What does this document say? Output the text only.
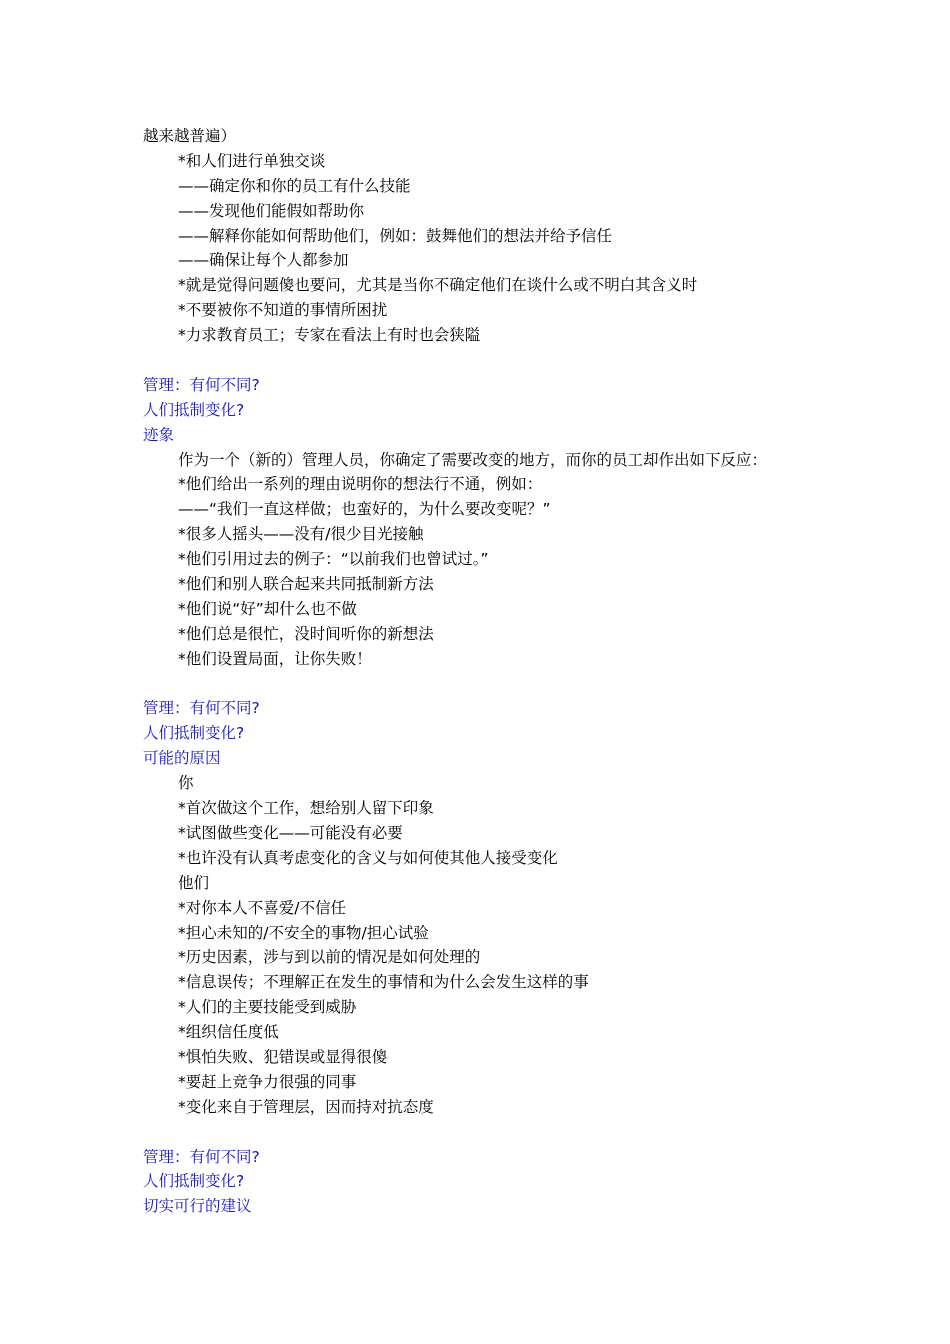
越来越普遍）
*和人们进行单独交谈
——确定你和你的员工有什么技能
——发现他们能假如帮助你
——解释你能如何帮助他们，例如：鼓舞他们的想法并给予信任
——确保让每个人都参加
*就是觉得问题傻也要问，尤其是当你不确定他们在谈什么或不明白其含义时
*不要被你不知道的事情所困扰
*力求教育员工；专家在看法上有时也会狭隘
管理：有何不同?
人们抵制变化?
迹象
作为一个（新的）管理人员，你确定了需要改变的地方，而你的员工却作出如下反应：
*他们给出一系列的理由说明你的想法行不通，例如：
——“我们一直这样做；也蛮好的，为什么要改变呢？”
*很多人摇头——没有/很少目光接触
*他们引用过去的例子：“以前我们也曾试过。”
*他们和别人联合起来共同抵制新方法
*他们说“好”却什么也不做
*他们总是很忙，没时间听你的新想法
*他们设置局面，让你失败！
管理：有何不同?
人们抵制变化?
可能的原因
你
*首次做这个工作，想给别人留下印象
*试图做些变化——可能没有必要
*也许没有认真考虑变化的含义与如何使其他人接受变化
他们
*对你本人不喜爱/不信任
*担心未知的/不安全的事物/担心试验
*历史因素，涉与到以前的情况是如何处理的
*信息误传；不理解正在发生的事情和为什么会发生这样的事
*人们的主要技能受到威胁
*组织信任度低
*惧怕失败、犯错误或显得很傻
*要赶上竞争力很强的同事
*变化来自于管理层，因而持对抗态度
管理：有何不同?
人们抵制变化?
切实可行的建议
